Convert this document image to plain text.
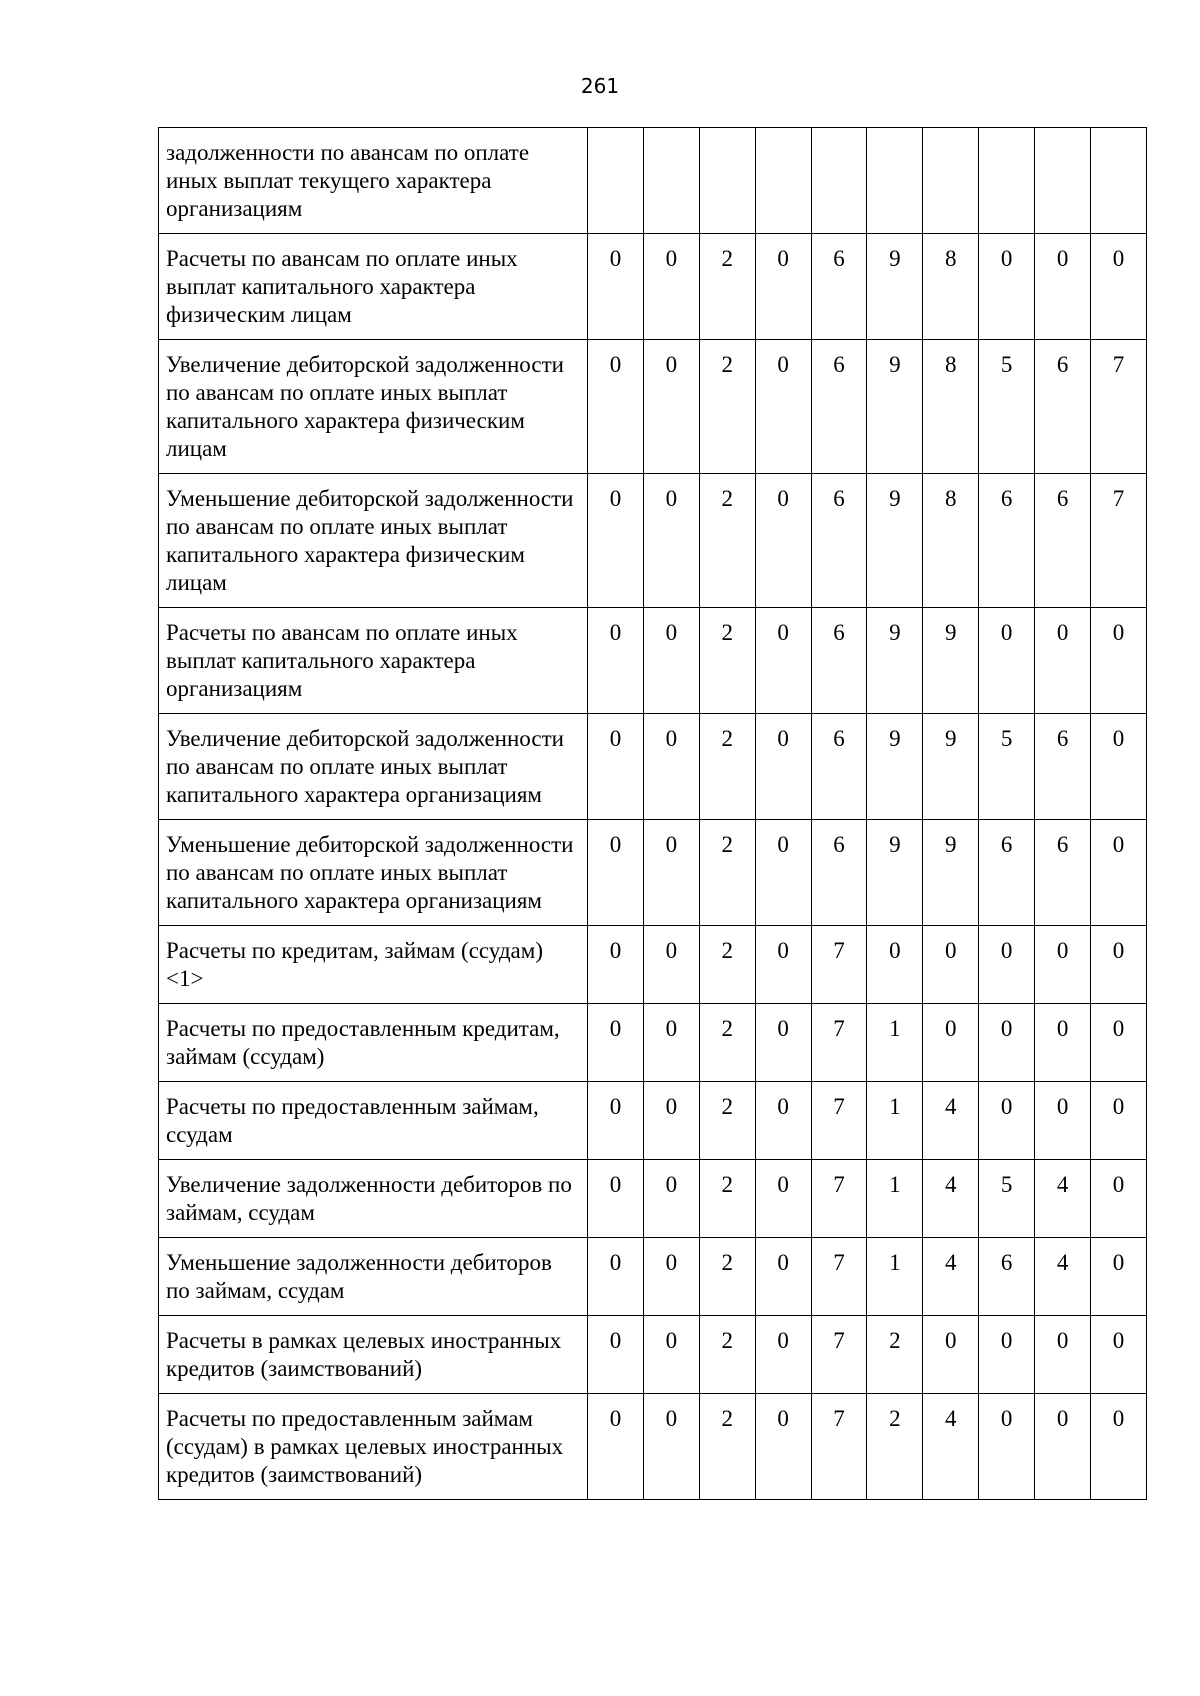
261
задолженности по авансам по оплате иных выплат текущего характера организациям										
Расчеты по авансам по оплате иных выплат капитального характера физическим лицам	0	0	2	0	6	9	8	0	0	0
Увеличение дебиторской задолженности по авансам по оплате иных выплат капитального характера физическим лицам	0	0	2	0	6	9	8	5	6	7
Уменьшение дебиторской задолженности по авансам по оплате иных выплат капитального характера физическим лицам	0	0	2	0	6	9	8	6	6	7
Расчеты по авансам по оплате иных выплат капитального характера организациям	0	0	2	0	6	9	9	0	0	0
Увеличение дебиторской задолженности по авансам по оплате иных выплат капитального характера организациям	0	0	2	0	6	9	9	5	6	0
Уменьшение дебиторской задолженности по авансам по оплате иных выплат капитального характера организациям	0	0	2	0	6	9	9	6	6	0
Расчеты по кредитам, займам (ссудам) <1>	0	0	2	0	7	0	0	0	0	0
Расчеты по предоставленным кредитам, займам (ссудам)	0	0	2	0	7	1	0	0	0	0
Расчеты по предоставленным займам, ссудам	0	0	2	0	7	1	4	0	0	0
Увеличение задолженности дебиторов по займам, ссудам	0	0	2	0	7	1	4	5	4	0
Уменьшение задолженности дебиторов по займам, ссудам	0	0	2	0	7	1	4	6	4	0
Расчеты в рамках целевых иностранных кредитов (заимствований)	0	0	2	0	7	2	0	0	0	0
Расчеты по предоставленным займам (ссудам) в рамках целевых иностранных кредитов (заимствований)	0	0	2	0	7	2	4	0	0	0
